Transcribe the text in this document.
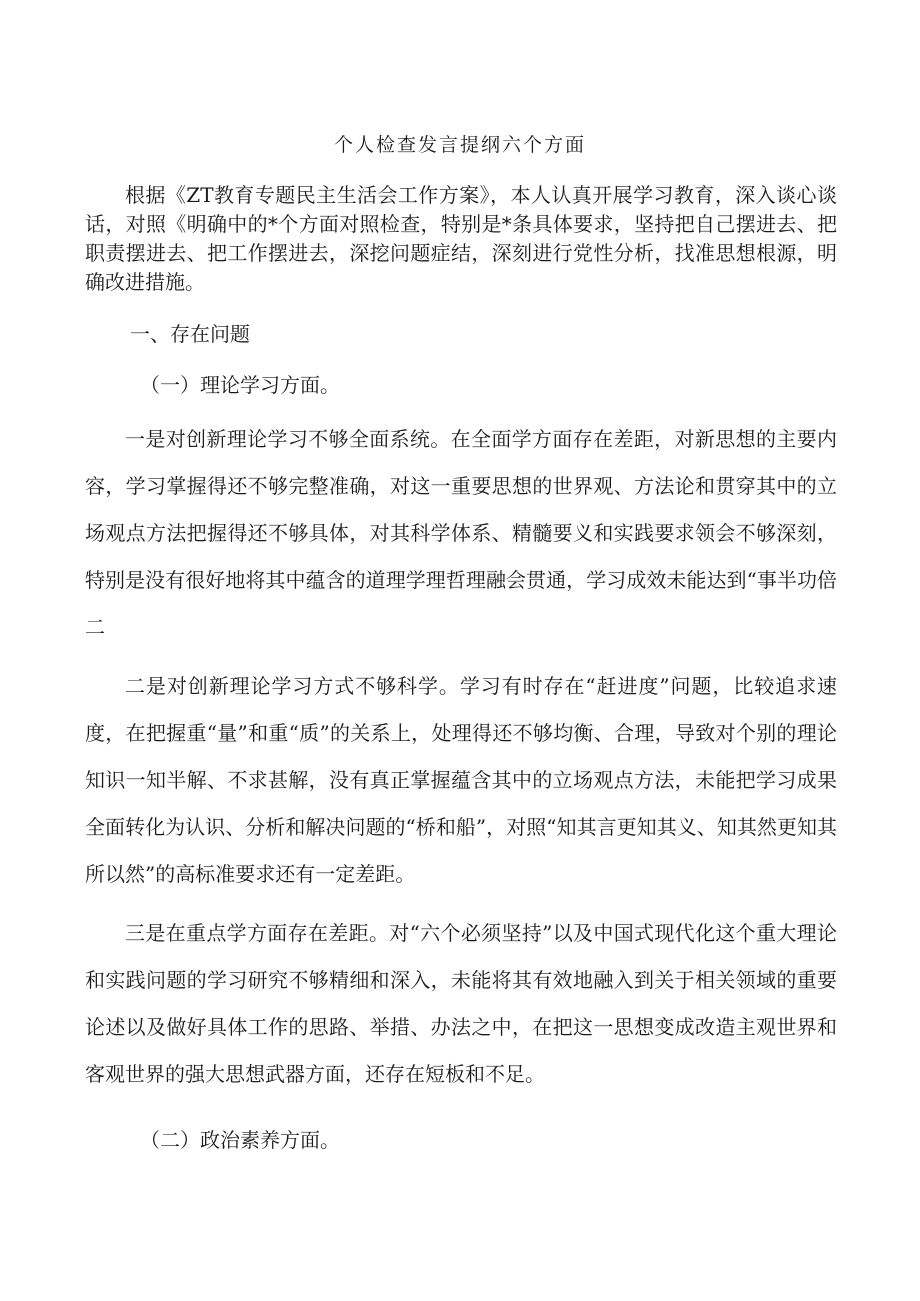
个人检查发言提纲六个方面

根据《ZT教育专题民主生活会工作方案》，本人认真开展学习教育，深入谈心谈话，对照《明确中的*个方面对照检查，特别是*条具体要求，坚持把自己摆进去、把职责摆进去、把工作摆进去，深挖问题症结，深刻进行党性分析，找准思想根源，明确改进措施。

一、存在问题

（一）理论学习方面。

一是对创新理论学习不够全面系统。在全面学方面存在差距，对新思想的主要内容，学习掌握得还不够完整准确，对这一重要思想的世界观、方法论和贯穿其中的立场观点方法把握得还不够具体，对其科学体系、精髓要义和实践要求领会不够深刻，特别是没有很好地将其中蕴含的道理学理哲理融会贯通，学习成效未能达到“事半功倍二

二是对创新理论学习方式不够科学。学习有时存在“赶进度”问题，比较追求速度，在把握重“量”和重“质”的关系上，处理得还不够均衡、合理，导致对个别的理论知识一知半解、不求甚解，没有真正掌握蕴含其中的立场观点方法，未能把学习成果全面转化为认识、分析和解决问题的“桥和船”，对照“知其言更知其义、知其然更知其所以然”的高标准要求还有一定差距。

三是在重点学方面存在差距。对“六个必须坚持”以及中国式现代化这个重大理论和实践问题的学习研究不够精细和深入，未能将其有效地融入到关于相关领域的重要论述以及做好具体工作的思路、举措、办法之中，在把这一思想变成改造主观世界和客观世界的强大思想武器方面，还存在短板和不足。

（二）政治素养方面。
